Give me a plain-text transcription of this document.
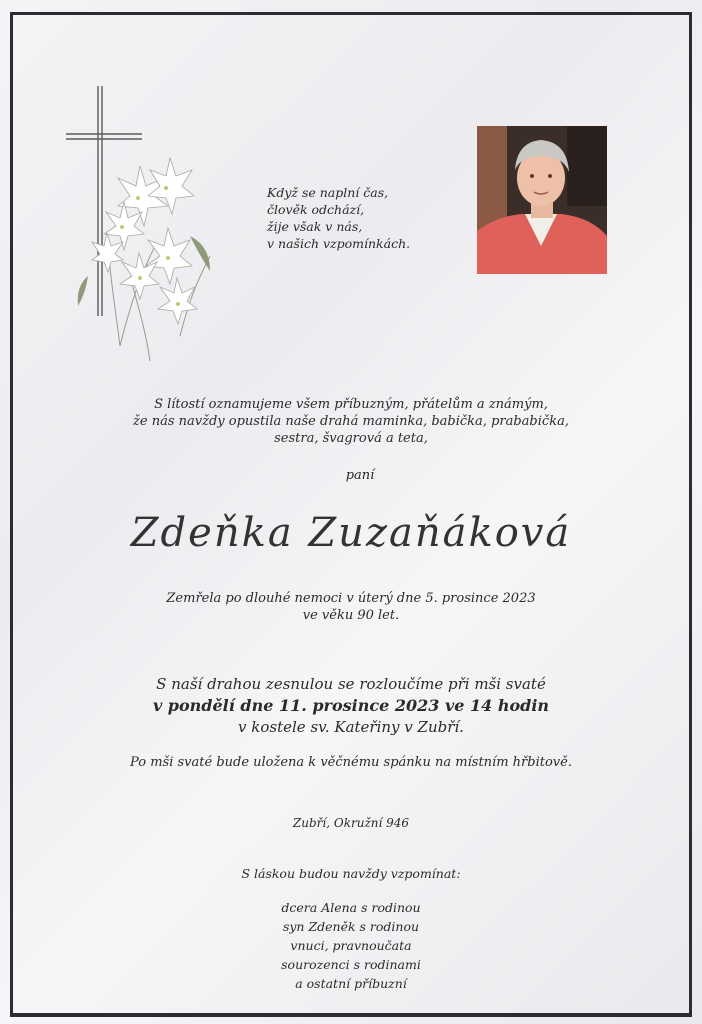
Když se naplní čas,
člověk odchází,
žije však v nás,
v našich vzpomínkách.
S lítostí oznamujeme všem příbuzným, přátelům a známým,
že nás navždy opustila naše drahá maminka, babička, prababička,
sestra, švagrová a teta,
paní
Zdeňka Zuzaňáková
Zemřela po dlouhé nemoci v úterý dne 5. prosince 2023
ve věku 90 let.
S naší drahou zesnulou se rozloučíme při mši svaté
v pondělí dne 11. prosince 2023 ve 14 hodin
v kostele sv. Kateřiny v Zubří.
Po mši svaté bude uložena k věčnému spánku na místním hřbitově.
Zubří, Okružní 946
S láskou budou navždy vzpomínat:
dcera Alena s rodinou
syn Zdeněk s rodinou
vnuci, pravnoučata
sourozenci s rodinami
a ostatní příbuzní
